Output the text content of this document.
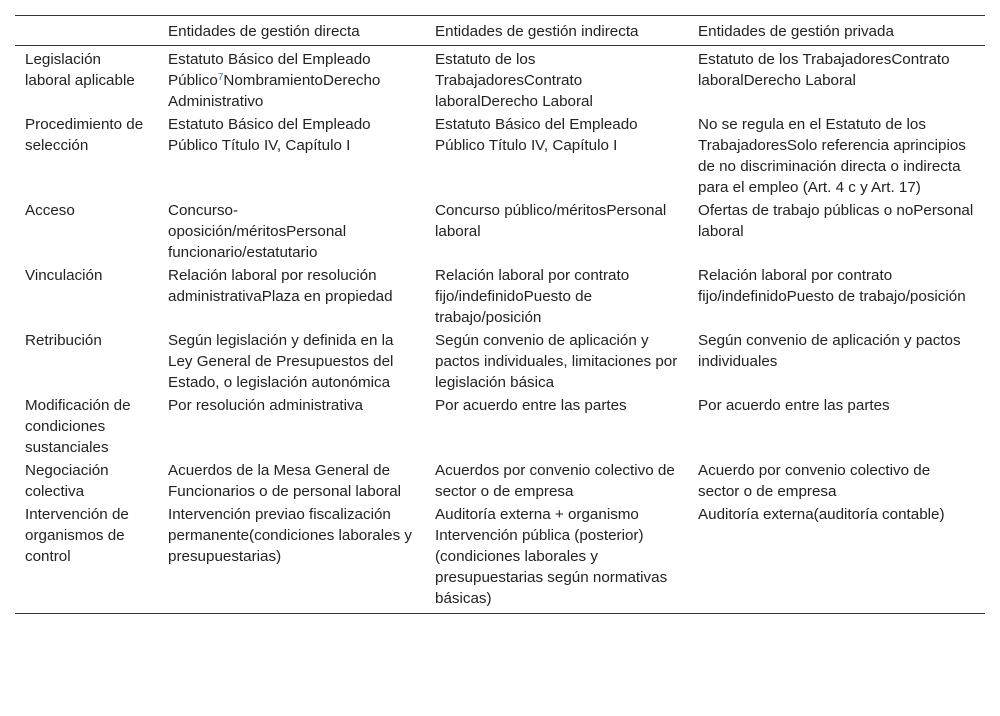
	Entidades de gestión directa	Entidades de gestión indirecta	Entidades de gestión privada
Legislación laboral aplicable	Estatuto Básico del Empleado Público$^7$NombramientoDerecho Administrativo	Estatuto de los TrabajadoresContrato laboralDerecho Laboral	Estatuto de los TrabajadoresContrato laboralDerecho Laboral
Procedimiento de selección	Estatuto Básico del Empleado Público Título IV, Capítulo I	Estatuto Básico del Empleado Público Título IV, Capítulo I	No se regula en el Estatuto de los TrabajadoresSolo referencia aprincipios de no discriminación directa o indirecta para el empleo (Art. 4 c y Art. 17)
Acceso	Concurso-oposición/méritosPersonal funcionario/estatutario	Concurso público/méritosPersonal laboral	Ofertas de trabajo públicas o noPersonal laboral
Vinculación	Relación laboral por resolución administrativaPlaza en propiedad	Relación laboral por contrato fijo/indefinidoPuesto de trabajo/posición	Relación laboral por contrato fijo/indefinidoPuesto de trabajo/posición
Retribución	Según legislación y definida en la Ley General de Presupuestos del Estado, o legislación autonómica	Según convenio de aplicación y pactos individuales, limitaciones por legislación básica	Según convenio de aplicación y pactos individuales
Modificación de condiciones sustanciales	Por resolución administrativa	Por acuerdo entre las partes	Por acuerdo entre las partes
Negociación colectiva	Acuerdos de la Mesa General de Funcionarios o de personal laboral	Acuerdos por convenio colectivo de sector o de empresa	Acuerdo por convenio colectivo de sector o de empresa
Intervención de organismos de control	Intervención previao fiscalización permanente(condiciones laborales y presupuestarias)	Auditoría externa + organismo Intervención pública (posterior)(condiciones laborales y presupuestarias según normativas básicas)	Auditoría externa(auditoría contable)
